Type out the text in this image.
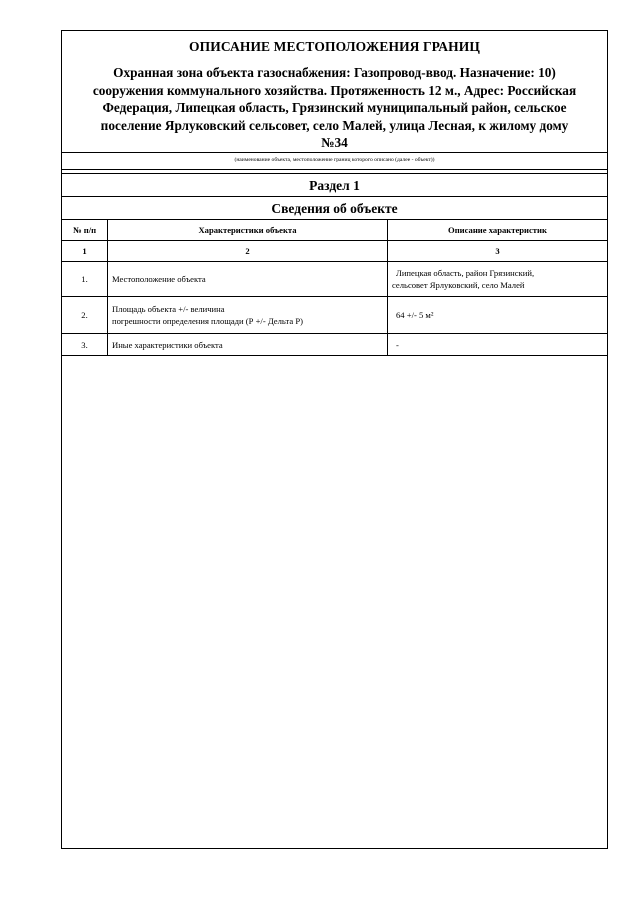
ОПИСАНИЕ МЕСТОПОЛОЖЕНИЯ ГРАНИЦ
Охранная зона объекта газоснабжения: Газопровод-ввод. Назначение: 10)
сооружения коммунального хозяйства. Протяженность 12 м., Адрес: Российская
Федерация, Липецкая область, Грязинский муниципальный район, сельское
поселение Ярлуковский сельсовет, село Малей, улица Лесная, к жилому дому
№34
(наименование объекта, местоположение границ которого описано (далее - объект))
Раздел 1
Сведения об объекте
№ п/п	Характеристики объекта	Описание характеристик
1	2	3
1.	Местоположение объекта	Липецкая область, район Грязинский,
сельсовет Ярлуковский, село Малей

2.	Площадь объекта +/- величина
погрешности определения площади (Р +/- Дельта Р)	64 +/- 5 м²

3.	Иные характеристики объекта	-
